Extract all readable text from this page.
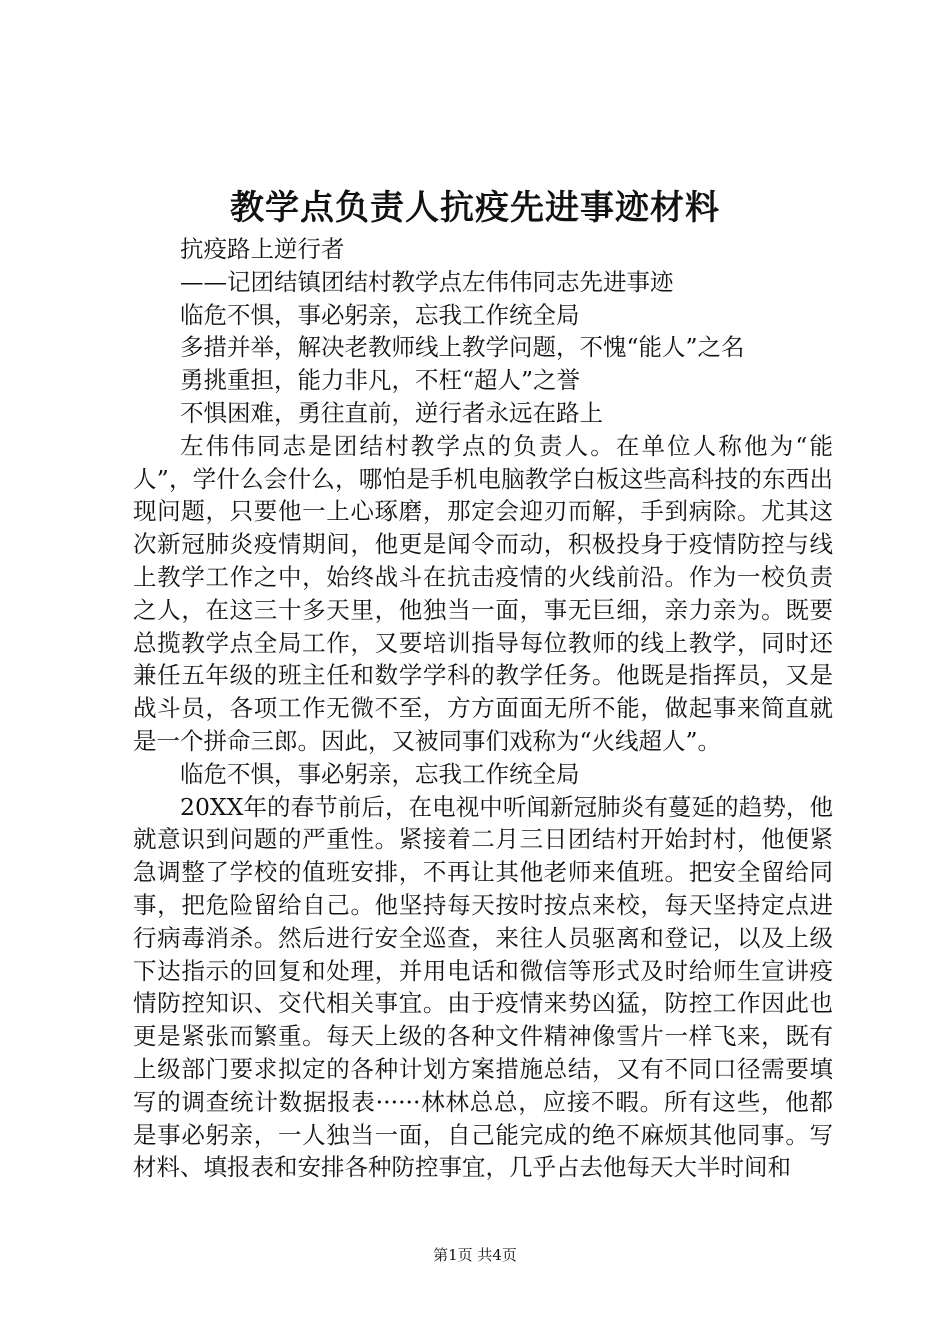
教学点负责人抗疫先进事迹材料

抗疫路上逆行者

——记团结镇团结村教学点左伟伟同志先进事迹

临危不惧，事必躬亲，忘我工作统全局

多措并举，解决老教师线上教学问题，不愧“能人”之名

勇挑重担，能力非凡，不枉“超人”之誉

不惧困难，勇往直前，逆行者永远在路上

左伟伟同志是团结村教学点的负责人。在单位人称他为“能人”，学什么会什么，哪怕是手机电脑教学白板这些高科技的东西出现问题，只要他一上心琢磨，那定会迎刃而解，手到病除。尤其这次新冠肺炎疫情期间，他更是闻令而动，积极投身于疫情防控与线上教学工作之中，始终战斗在抗击疫情的火线前沿。作为一校负责之人，在这三十多天里，他独当一面，事无巨细，亲力亲为。既要总揽教学点全局工作，又要培训指导每位教师的线上教学，同时还兼任五年级的班主任和数学学科的教学任务。他既是指挥员，又是战斗员，各项工作无微不至，方方面面无所不能，做起事来简直就是一个拼命三郎。因此，又被同事们戏称为“火线超人”。

临危不惧，事必躬亲，忘我工作统全局

20XX年的春节前后，在电视中听闻新冠肺炎有蔓延的趋势，他就意识到问题的严重性。紧接着二月三日团结村开始封村，他便紧急调整了学校的值班安排，不再让其他老师来值班。把安全留给同事，把危险留给自己。他坚持每天按时按点来校，每天坚持定点进行病毒消杀。然后进行安全巡查，来往人员驱离和登记，以及上级下达指示的回复和处理，并用电话和微信等形式及时给师生宣讲疫情防控知识、交代相关事宜。由于疫情来势凶猛，防控工作因此也更是紧张而繁重。每天上级的各种文件精神像雪片一样飞来，既有上级部门要求拟定的各种计划方案措施总结，又有不同口径需要填写的调查统计数据报表······林林总总，应接不暇。所有这些，他都是事必躬亲，一人独当一面，自己能完成的绝不麻烦其他同事。写材料、填报表和安排各种防控事宜，几乎占去他每天大半时间和

第1页 共4页
